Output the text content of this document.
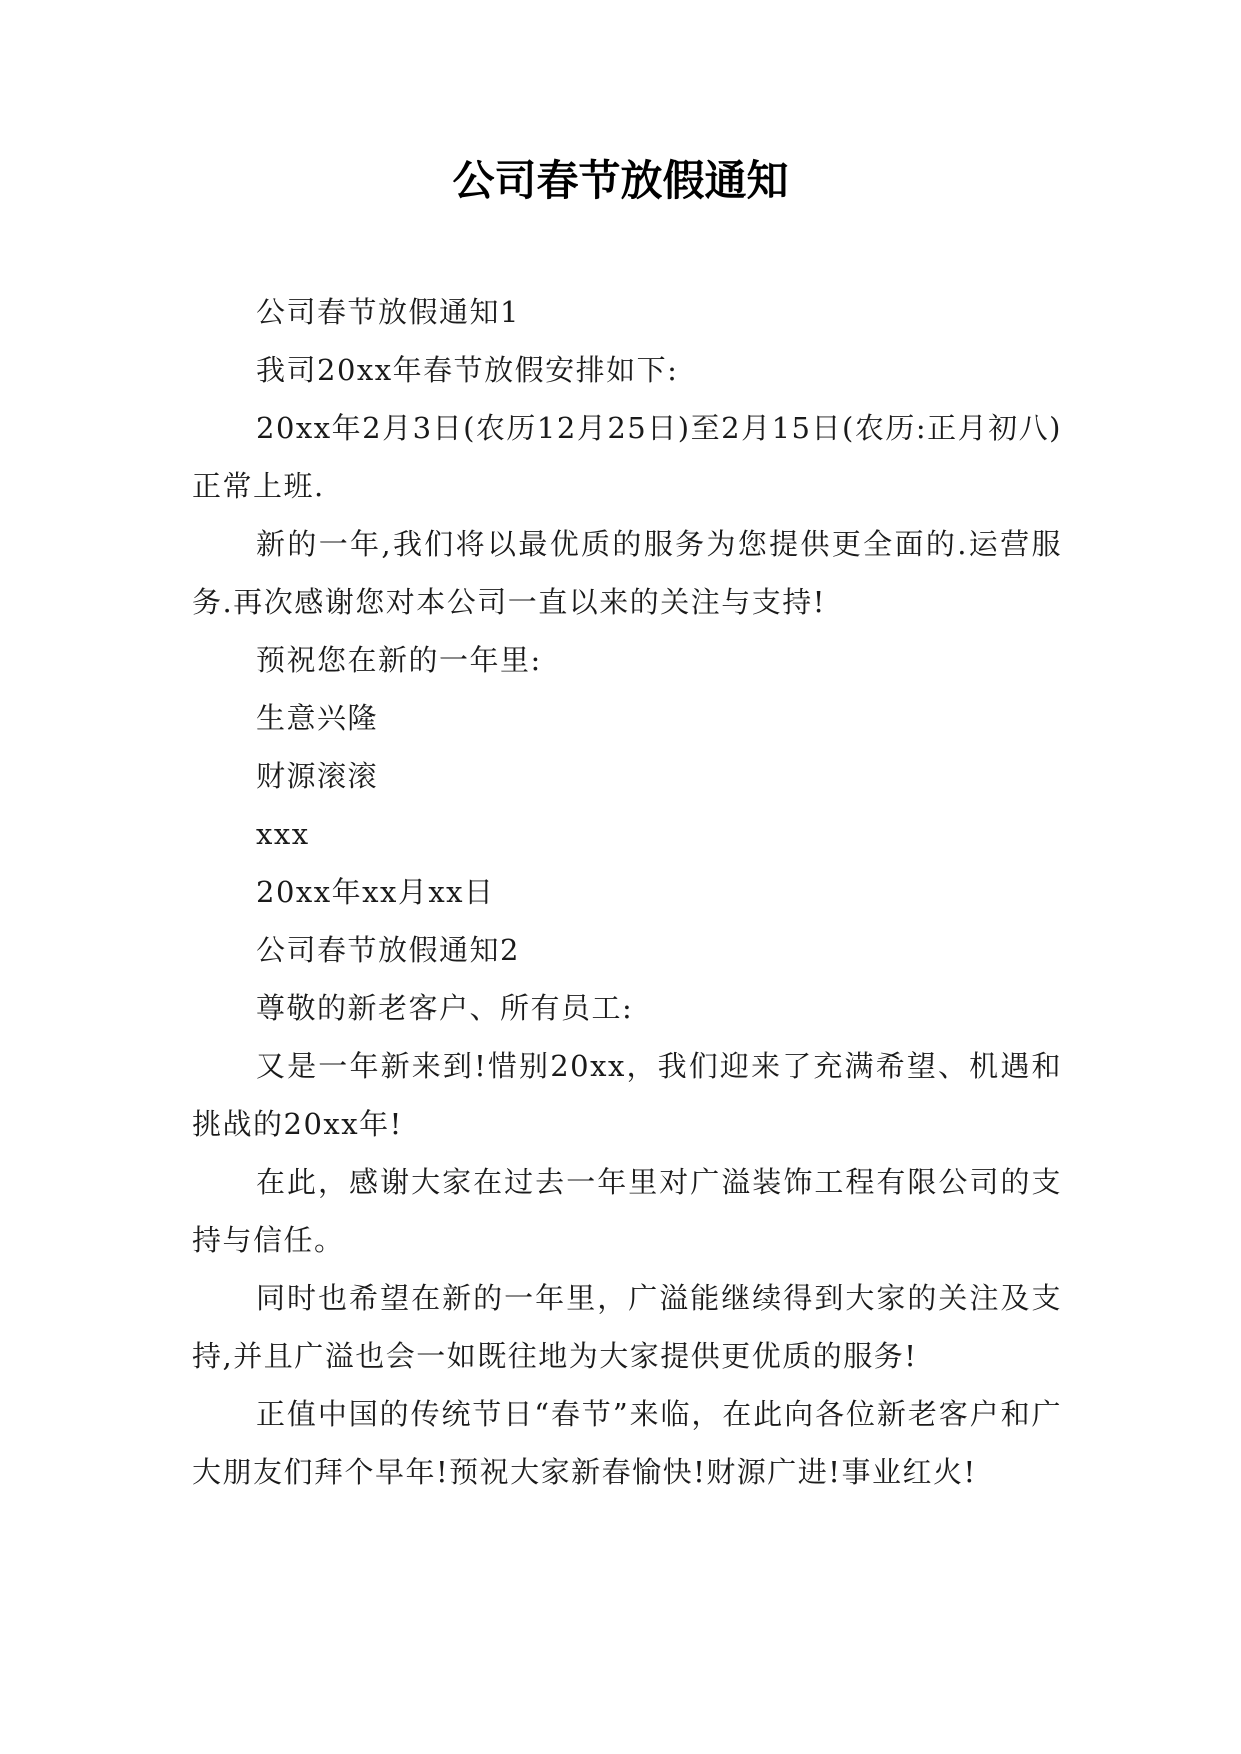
公司春节放假通知

公司春节放假通知1

我司20xx年春节放假安排如下:

20xx年2月3日(农历12月25日)至2月15日(农历:正月初八)正常上班.

新的一年,我们将以最优质的服务为您提供更全面的.运营服务.再次感谢您对本公司一直以来的关注与支持!

预祝您在新的一年里:

生意兴隆

财源滚滚

xxx

20xx年xx月xx日

公司春节放假通知2

尊敬的新老客户、所有员工:

又是一年新来到!惜别20xx，我们迎来了充满希望、机遇和挑战的20xx年!

在此，感谢大家在过去一年里对广溢装饰工程有限公司的支持与信任。

同时也希望在新的一年里，广溢能继续得到大家的关注及支持,并且广溢也会一如既往地为大家提供更优质的服务!

正值中国的传统节日“春节”来临，在此向各位新老客户和广大朋友们拜个早年!预祝大家新春愉快!财源广进!事业红火!
